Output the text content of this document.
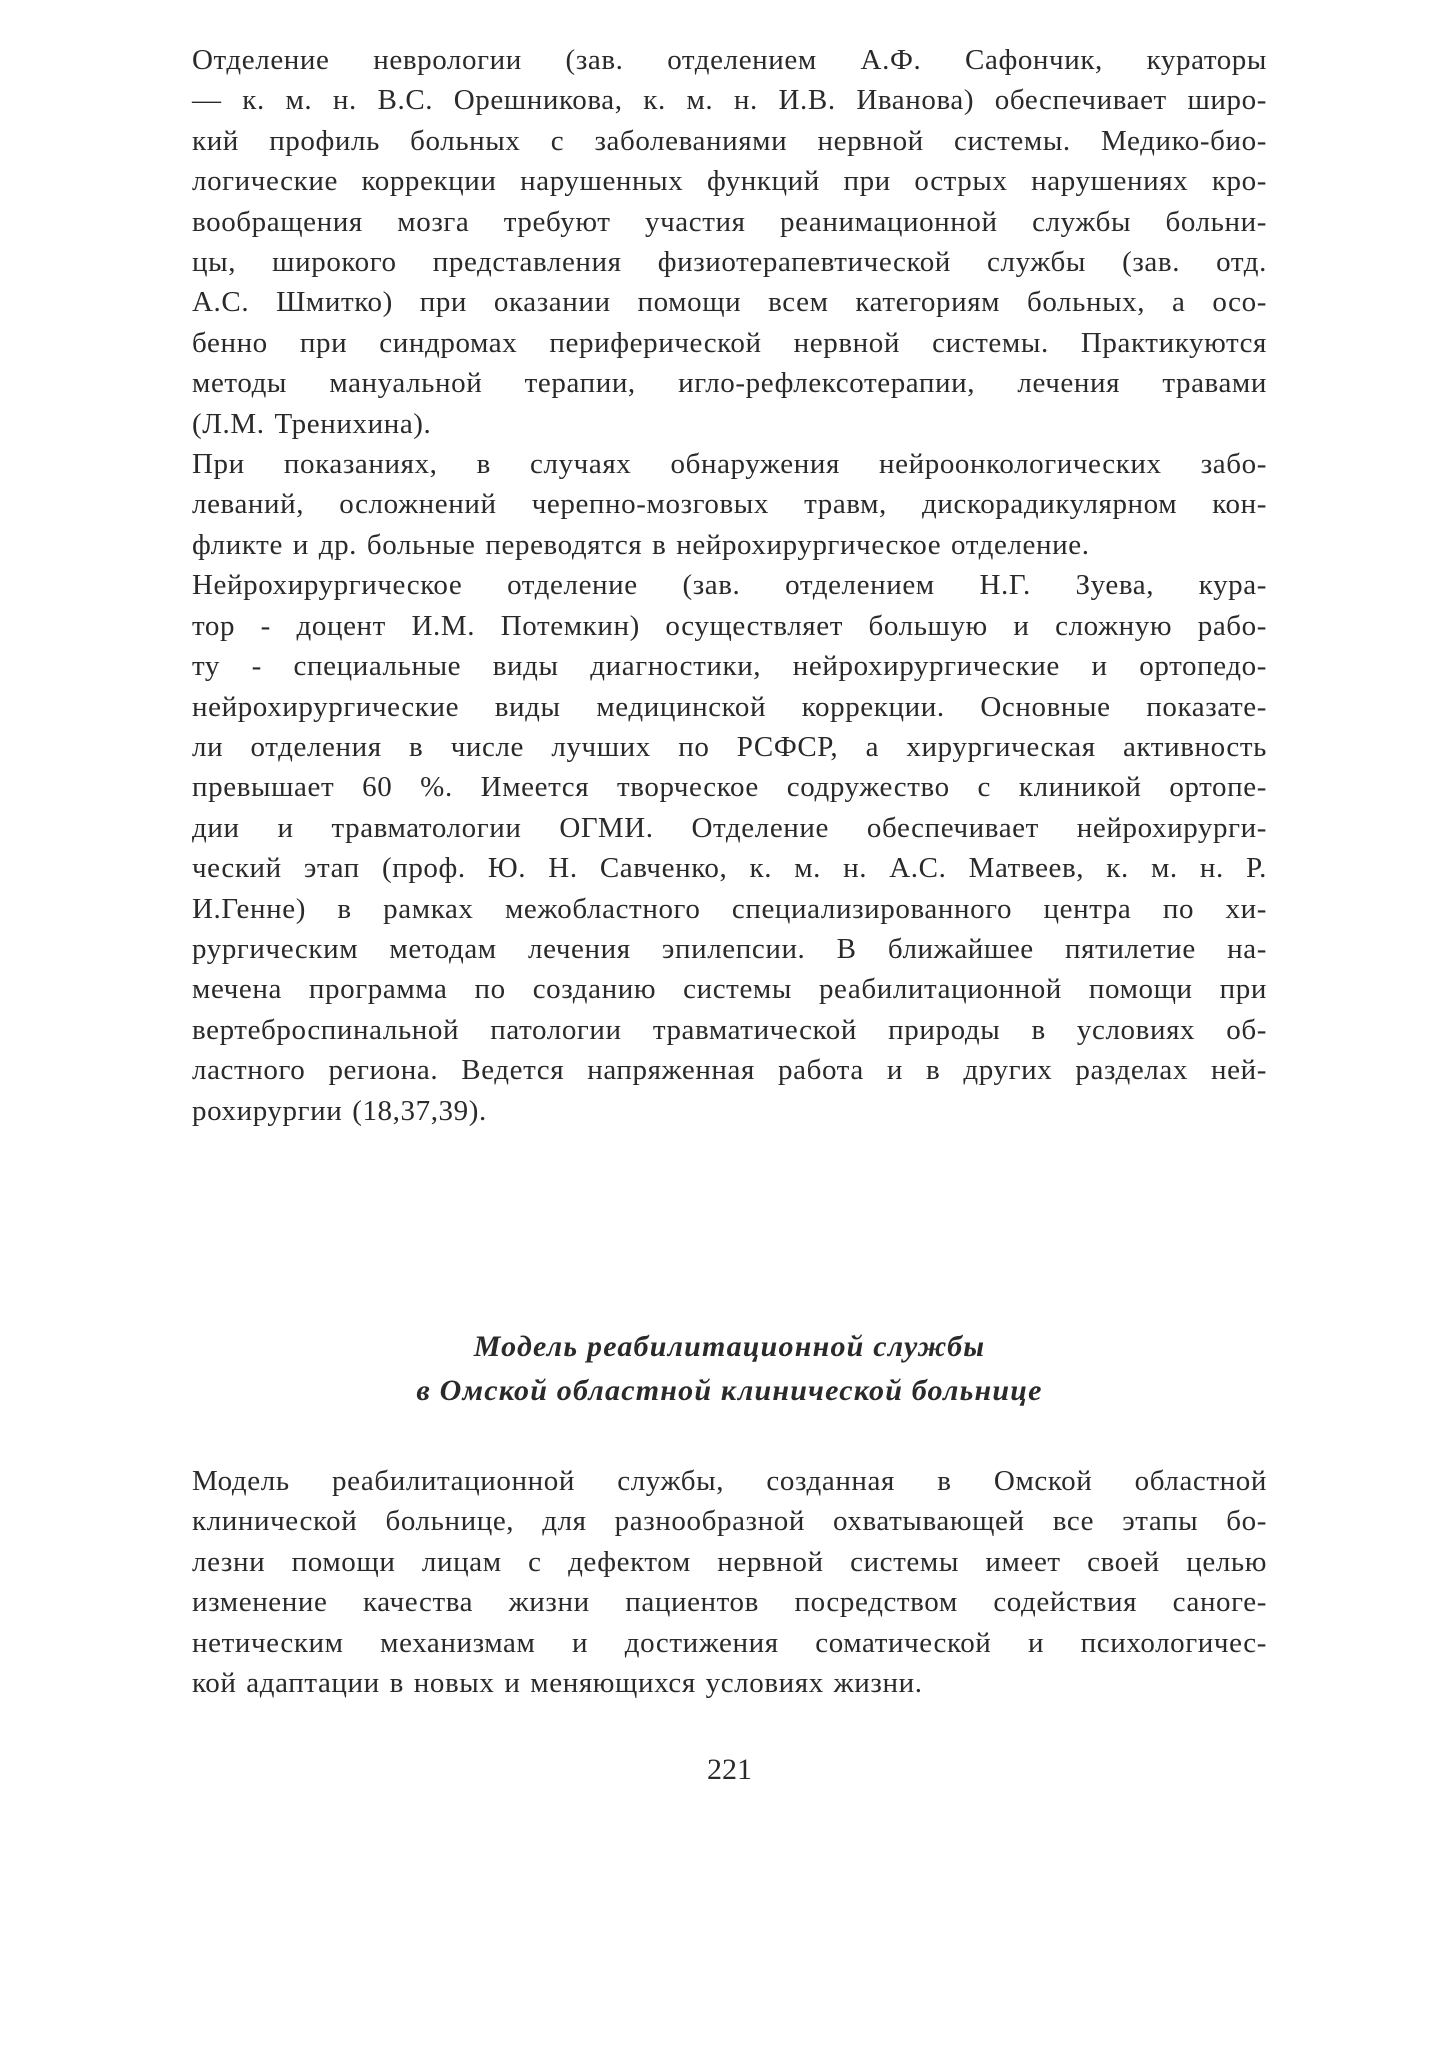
Отделение неврологии (зав. отделением А.Ф. Сафончик, кураторы
— к. м. н. В.С. Орешникова, к. м. н. И.В. Иванова) обеспечивает широ-
кий профиль больных с заболеваниями нервной системы. Медико-био-
логические коррекции нарушенных функций при острых нарушениях кро-
вообращения мозга требуют участия реанимационной службы больни-
цы, широкого представления физиотерапевтической службы (зав. отд.
А.С. Шмитко) при оказании помощи всем категориям больных, а осо-
бенно при синдромах периферической нервной системы. Практикуются
методы мануальной терапии, игло-рефлексотерапии, лечения травами
(Л.М. Тренихина).

При показаниях, в случаях обнаружения нейроонкологических забо-
леваний, осложнений черепно-мозговых травм, дискорадикулярном кон-
фликте и др. больные переводятся в нейрохирургическое отделение.

Нейрохирургическое отделение (зав. отделением Н.Г. Зуева, кура-
тор - доцент И.М. Потемкин) осуществляет большую и сложную рабо-
ту - специальные виды диагностики, нейрохирургические и ортопедо-
нейрохирургические виды медицинской коррекции. Основные показате-
ли отделения в числе лучших по РСФСР, а хирургическая активность
превышает 60 %. Имеется творческое содружество с клиникой ортопе-
дии и травматологии ОГМИ. Отделение обеспечивает нейрохирурги-
ческий этап (проф. Ю. Н. Савченко, к. м. н. А.С. Матвеев, к. м. н. Р.
И.Генне) в рамках межобластного специализированного центра по хи-
рургическим методам лечения эпилепсии. В ближайшее пятилетие на-
мечена программа по созданию системы реабилитационной помощи при
вертеброспинальной патологии травматической природы в условиях об-
ластного региона. Ведется напряженная работа и в других разделах ней-
рохирургии (18,37,39).

Модель реабилитационной службы
в Омской областной клинической больнице

Модель реабилитационной службы, созданная в Омской областной
клинической больнице, для разнообразной охватывающей все этапы бо-
лезни помощи лицам с дефектом нервной системы имеет своей целью
изменение качества жизни пациентов посредством содействия саноге-
нетическим механизмам и достижения соматической и психологичес-
кой адаптации в новых и меняющихся условиях жизни.

221
